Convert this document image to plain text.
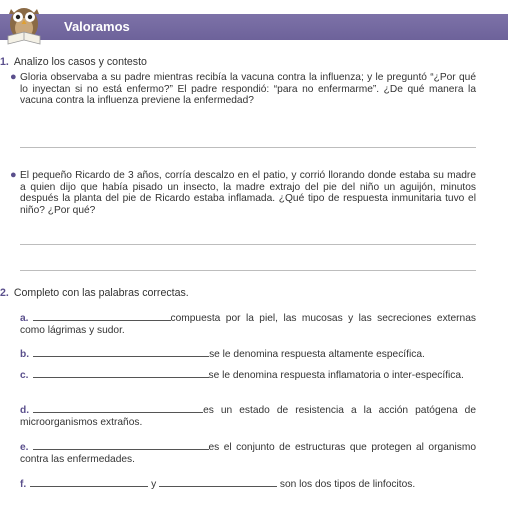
Valoramos
1. Analizo los casos y contesto
● Gloria observaba a su padre mientras recibía la vacuna contra la influenza; y le preguntó “¿Por qué lo inyectan si no está enfermo?” El padre respondió: “para no enfermarme”. ¿De qué manera la vacuna contra la influenza previene la enfermedad?
● El pequeño Ricardo de 3 años, corría descalzo en el patio, y corrió llorando donde estaba su madre a quien dijo que había pisado un insecto, la madre extrajo del pie del niño un aguijón, minutos después la planta del pie de Ricardo estaba inflamada. ¿Qué tipo de respuesta inmunitaria tuvo el niño? ¿Por qué?
2. Completo con las palabras correctas.
a.	compuesta por la piel, las mucosas y las secreciones externas como lágrimas y sudor.
b.	se le denomina respuesta altamente específica.
c.	se le denomina respuesta inflamatoria o inter-específica.
d.	es un estado de resistencia a la acción patógena de microorganismos extraños.
e.	es el conjunto de estructuras que protegen al organismo contra las enfermedades.
f.	y	son los dos tipos de linfocitos.
